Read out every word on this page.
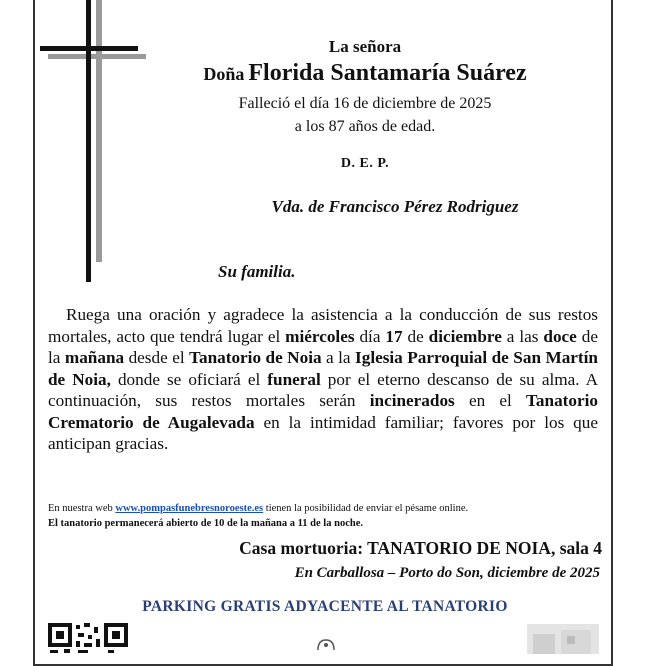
La señora
Doña Florida Santamaría Suárez
Falleció el día 16 de diciembre de 2025
a los 87 años de edad.
D. E. P.
Vda. de Francisco Pérez Rodriguez
Su familia.
Ruega una oración y agradece la asistencia a la conducción de sus restos mortales, acto que tendrá lugar el miércoles día 17 de diciembre a las doce de la mañana desde el Tanatorio de Noia a la Iglesia Parroquial de San Martín de Noia, donde se oficiará el funeral por el eterno descanso de su alma. A continuación, sus restos mortales serán incinerados en el Tanatorio Crematorio de Augalevada en la intimidad familiar; favores por los que anticipan gracias.
En nuestra web www.pompasfunebresnoroeste.es tienen la posibilidad de enviar el pésame online.
El tanatorio permanecerá abierto de 10 de la mañana a 11 de la noche.
Casa mortuoria: TANATORIO DE NOIA, sala 4
En Carballosa – Porto do Son, diciembre de 2025
PARKING GRATIS ADYACENTE AL TANATORIO
